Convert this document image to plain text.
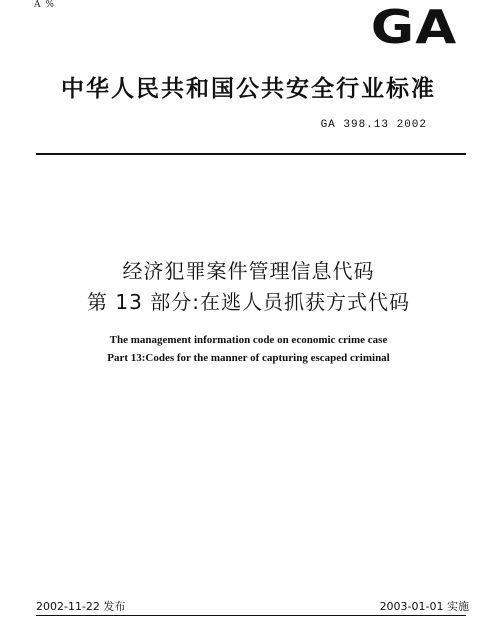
A %	GA
中华人民共和国公共安全行业标准
GA 398.13 2002
经济犯罪案件管理信息代码
第 13 部分:在逃人员抓获方式代码
The management information code on economic crime case
Part 13:Codes for the manner of capturing escaped criminal
2002-11-22 发布	2003-01-01 实施
